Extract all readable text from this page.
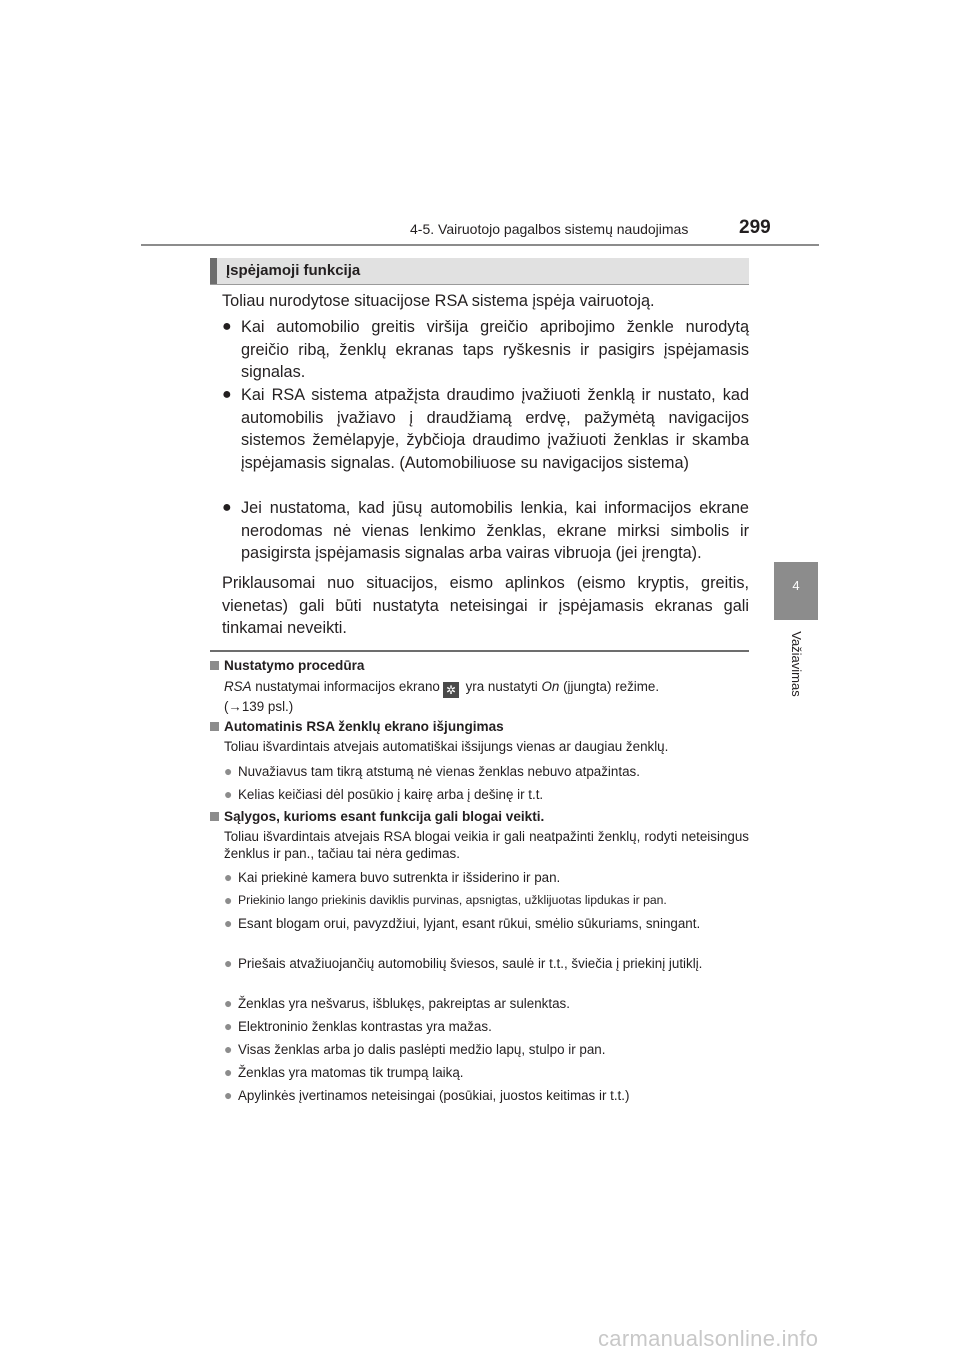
4-5. Vairuotojo pagalbos sistemų naudojimas	299
4
Važiavimas
Įspėjamoji funkcija
Toliau nurodytose situacijose RSA sistema įspėja vairuotoją.
● Kai automobilio greitis viršija greičio apribojimo ženkle nurodytą greičio ribą, ženklų ekranas taps ryškesnis ir pasigirs įspėjamasis signalas.
● Kai RSA sistema atpažįsta draudimo įvažiuoti ženklą ir nustato, kad automobilis įvažiavo į draudžiamą erdvę, pažymėtą navigacijos sistemos žemėlapyje, žybčioja draudimo įvažiuoti ženklas ir skamba įspėjamasis signalas. (Automobiliuose su navigacijos sistema)
● Jei nustatoma, kad jūsų automobilis lenkia, kai informacijos ekrane nerodomas nė vienas lenkimo ženklas, ekrane mirksi simbolis ir pasigirsta įspėjamasis signalas arba vairas vibruoja (jei įrengta).
Priklausomai nuo situacijos, eismo aplinkos (eismo kryptis, greitis, vienetas) gali būti nustatyta neteisingai ir įspėjamasis ekranas gali tinkamai neveikti.
Nustatymo procedūra
RSA nustatymai informacijos ekrano ✲ yra nustatyti On (įjungta) režime.
(→139 psl.)
Automatinis RSA ženklų ekrano išjungimas
Toliau išvardintais atvejais automatiškai išsijungs vienas ar daugiau ženklų.
● Nuvažiavus tam tikrą atstumą nė vienas ženklas nebuvo atpažintas.
● Kelias keičiasi dėl posūkio į kairę arba į dešinę ir t.t.
Sąlygos, kurioms esant funkcija gali blogai veikti.
Toliau išvardintais atvejais RSA blogai veikia ir gali neatpažinti ženklų, rodyti neteisingus ženklus ir pan., tačiau tai nėra gedimas.
● Kai priekinė kamera buvo sutrenkta ir išsiderino ir pan.
● Priekinio lango priekinis daviklis purvinas, apsnigtas, užklijuotas lipdukas ir pan.
● Esant blogam orui, pavyzdžiui, lyjant, esant rūkui, smėlio sūkuriams, sningant.
● Priešais atvažiuojančių automobilių šviesos, saulė ir t.t., šviečia į priekinį jutiklį.
● Ženklas yra nešvarus, išblukęs, pakreiptas ar sulenktas.
● Elektroninio ženklas kontrastas yra mažas.
● Visas ženklas arba jo dalis paslėpti medžio lapų, stulpo ir pan.
● Ženklas yra matomas tik trumpą laiką.
● Apylinkės įvertinamos neteisingai (posūkiai, juostos keitimas ir t.t.)
carmanualsonline.info
